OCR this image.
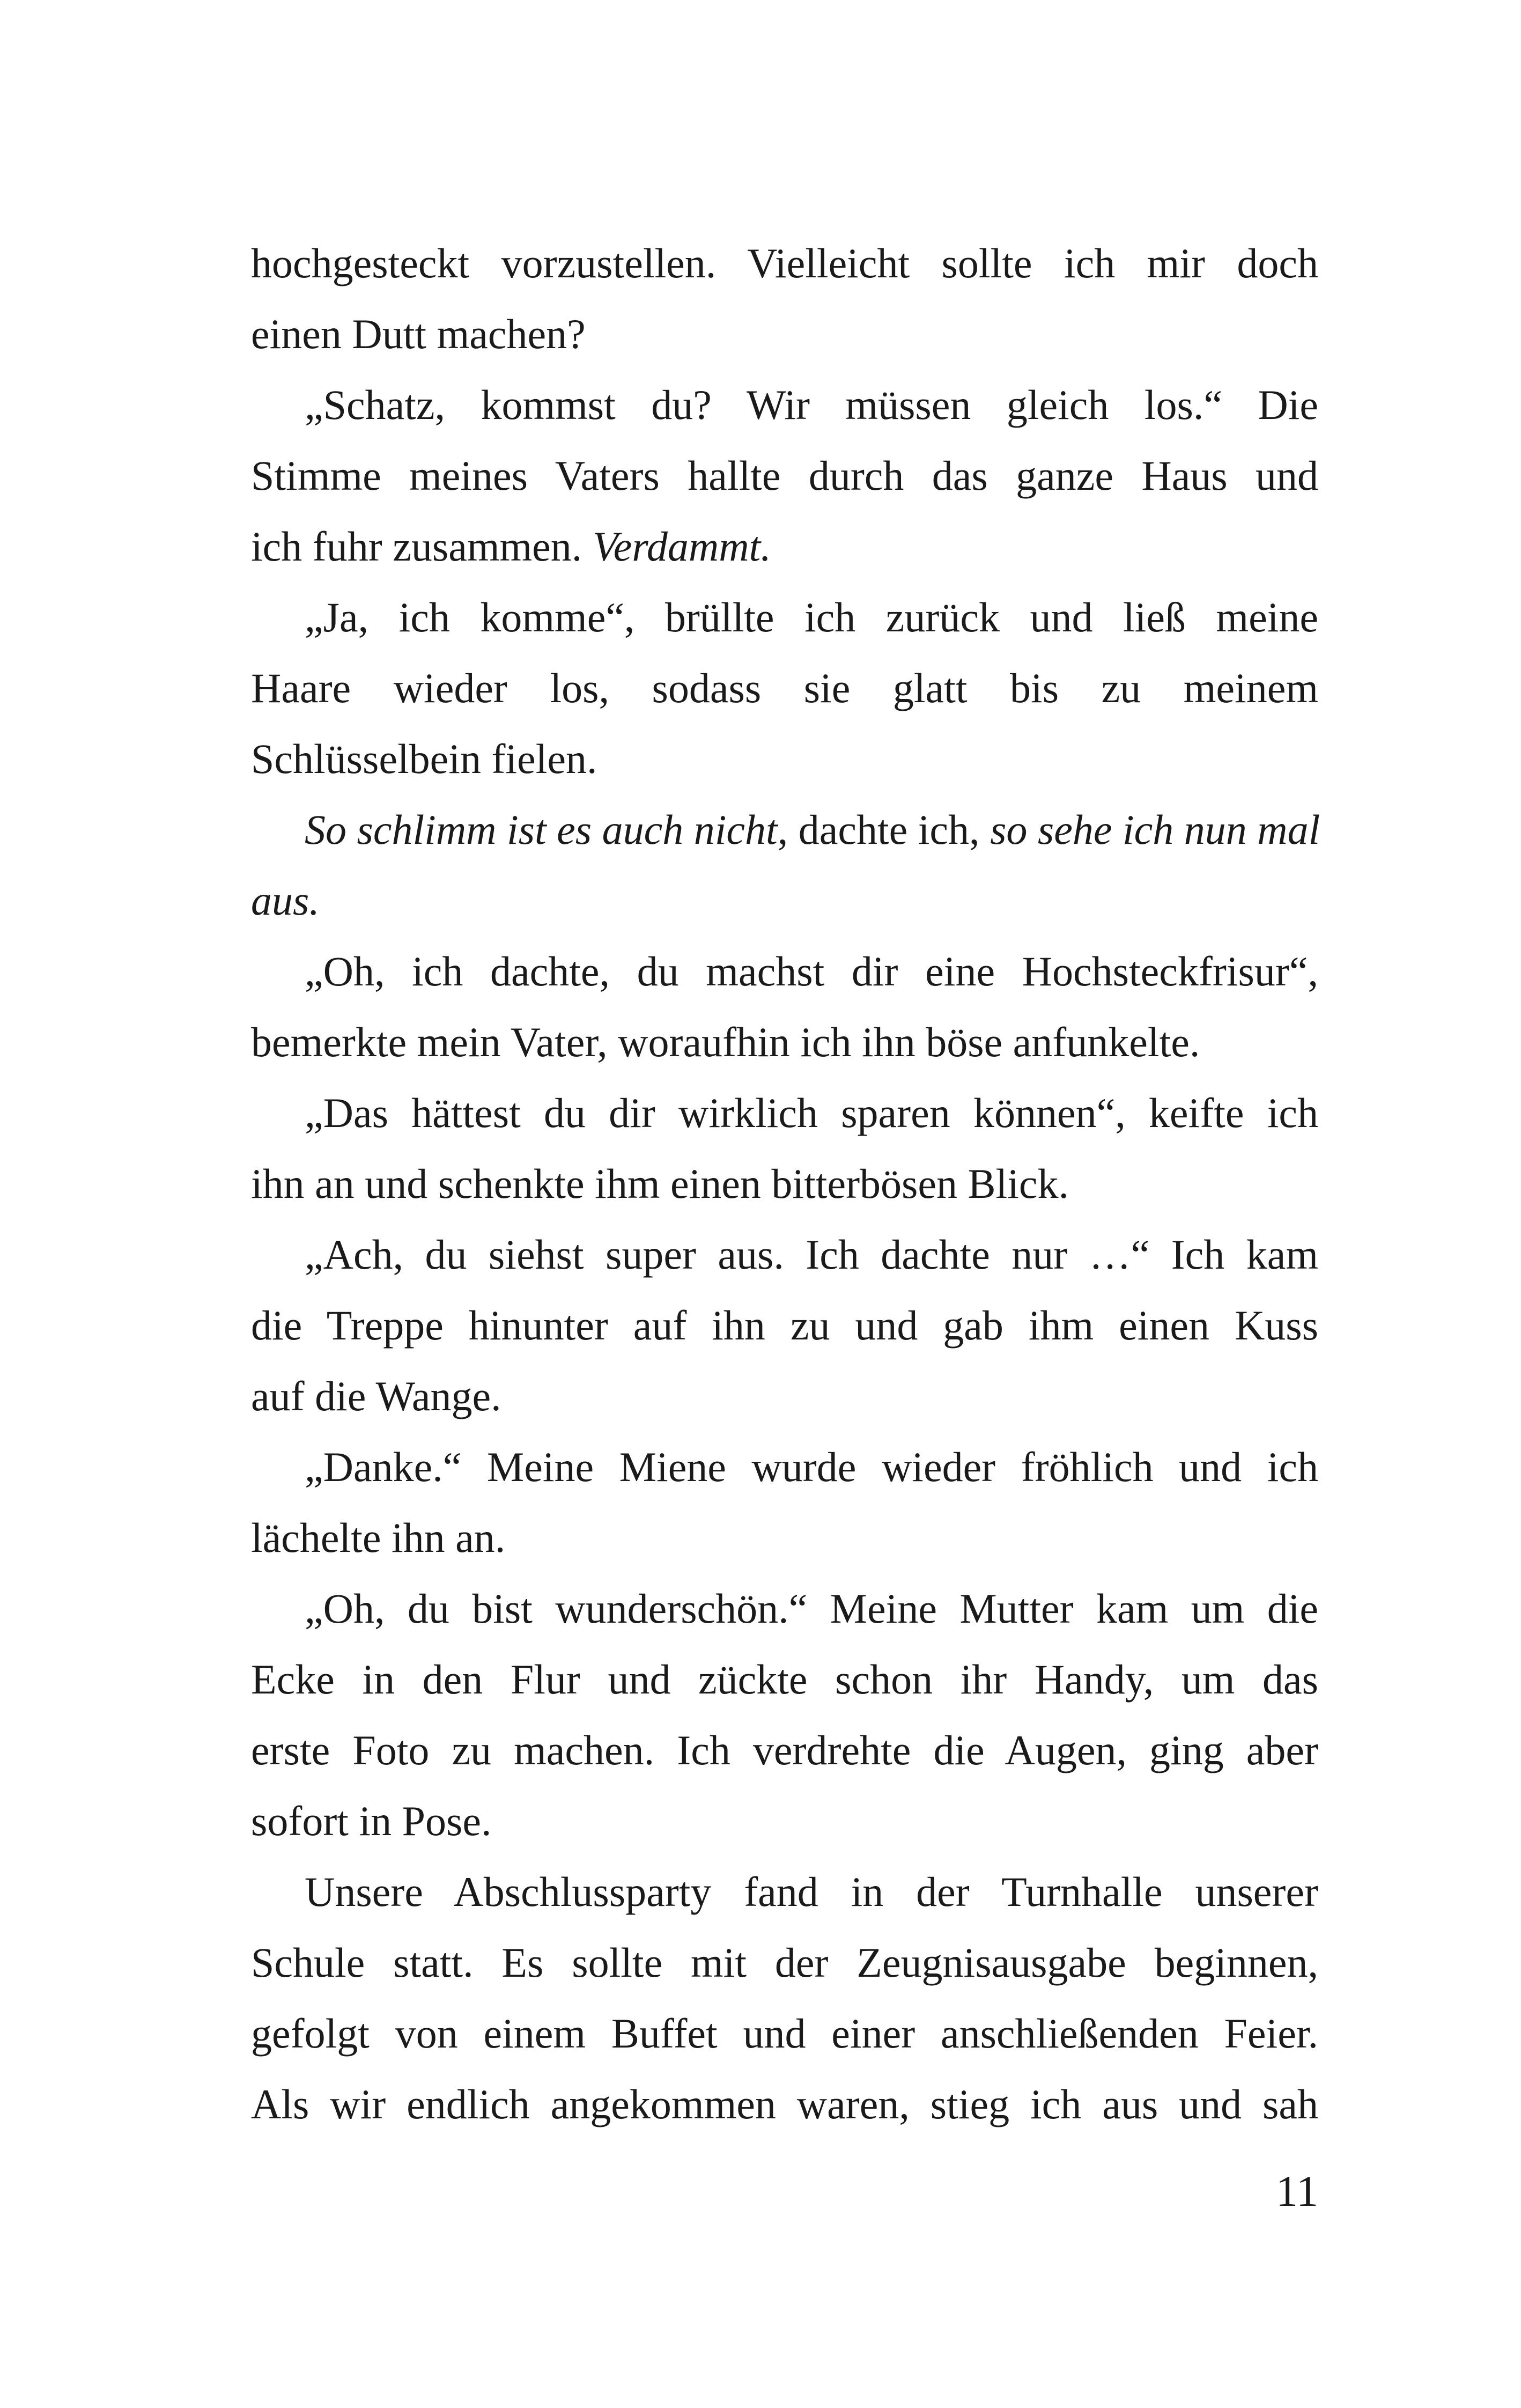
hochgesteckt vorzustellen. Vielleicht sollte ich mir doch
einen Dutt machen?
„Schatz, kommst du? Wir müssen gleich los.“ Die
Stimme meines Vaters hallte durch das ganze Haus und
ich fuhr zusammen. Verdammt.
„Ja, ich komme“, brüllte ich zurück und ließ meine
Haare wieder los, sodass sie glatt bis zu meinem
Schlüsselbein fielen.
So schlimm ist es auch nicht, dachte ich, so sehe ich nun mal
aus.
„Oh, ich dachte, du machst dir eine Hochsteckfrisur“,
bemerkte mein Vater, woraufhin ich ihn böse anfunkelte.
„Das hättest du dir wirklich sparen können“, keifte ich
ihn an und schenkte ihm einen bitterbösen Blick.
„Ach, du siehst super aus. Ich dachte nur …“ Ich kam
die Treppe hinunter auf ihn zu und gab ihm einen Kuss
auf die Wange.
„Danke.“ Meine Miene wurde wieder fröhlich und ich
lächelte ihn an.
„Oh, du bist wunderschön.“ Meine Mutter kam um die
Ecke in den Flur und zückte schon ihr Handy, um das
erste Foto zu machen. Ich verdrehte die Augen, ging aber
sofort in Pose.
Unsere Abschlussparty fand in der Turnhalle unserer
Schule statt. Es sollte mit der Zeugnisausgabe beginnen,
gefolgt von einem Buffet und einer anschließenden Feier.
Als wir endlich angekommen waren, stieg ich aus und sah
11
